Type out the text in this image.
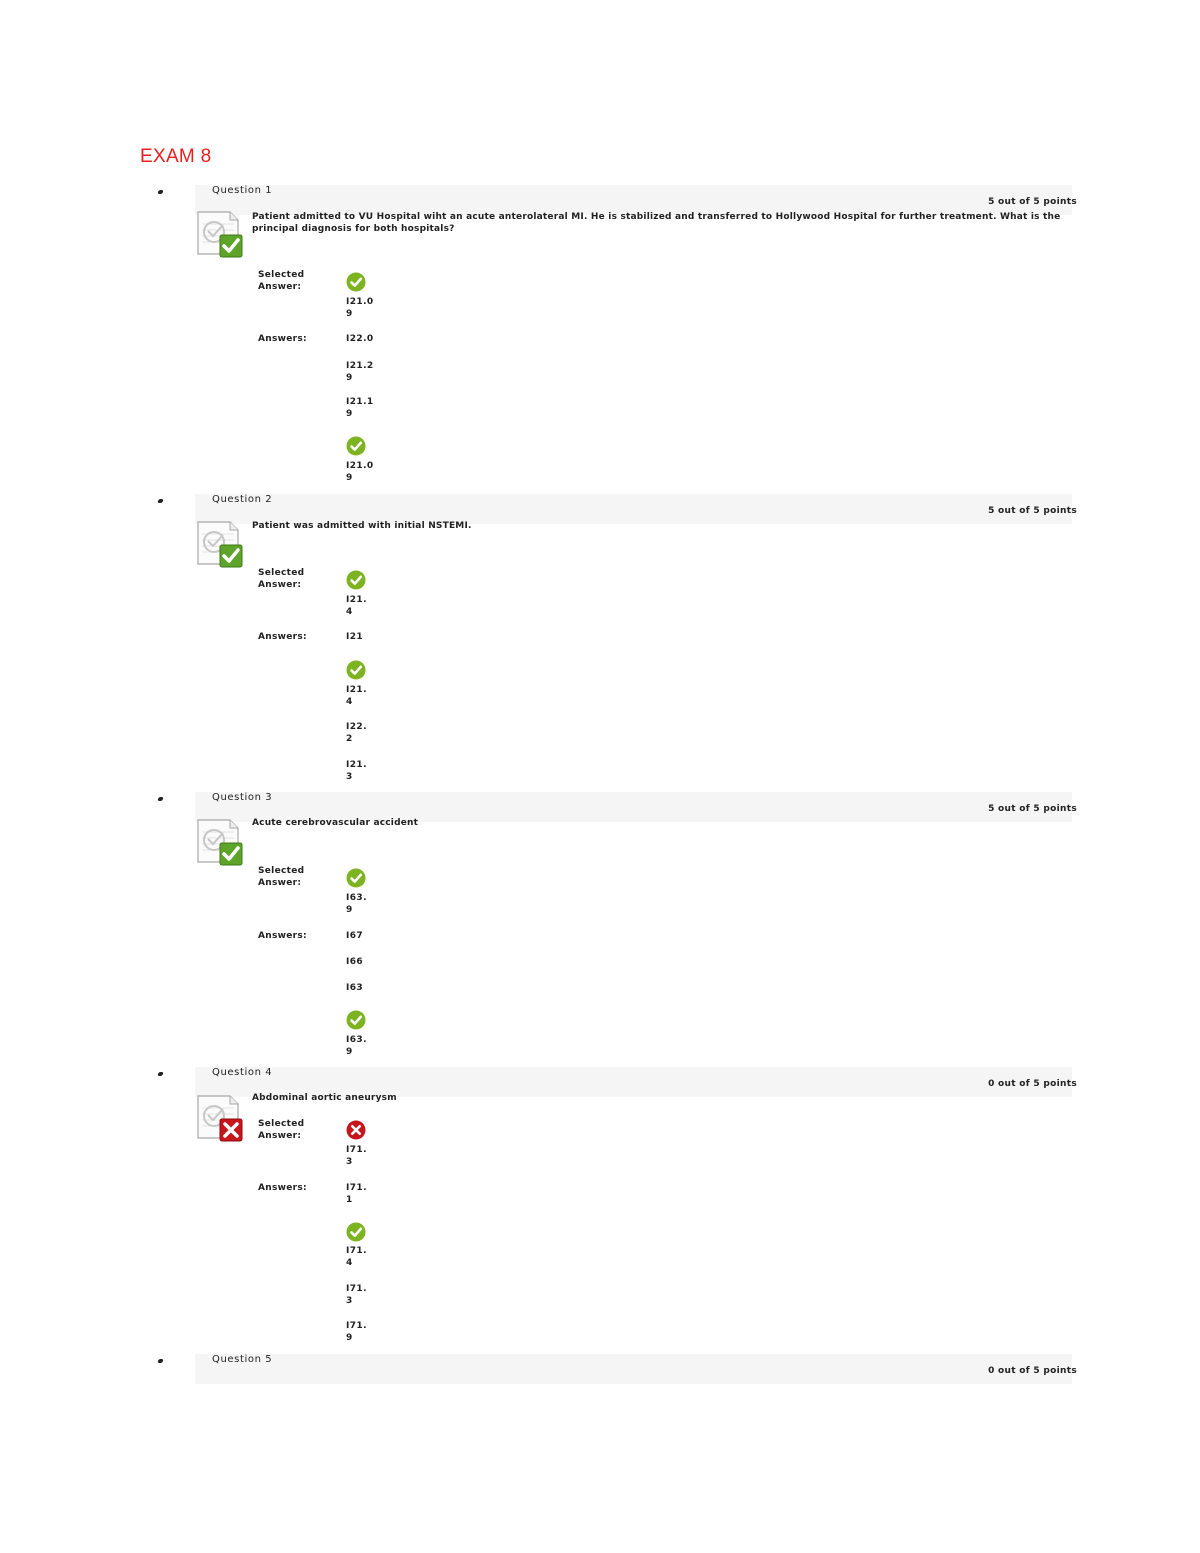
EXAM 8
Question 1
5 out of 5 points
Patient admitted to VU Hospital wiht an acute anterolateral MI. He is stabilized and transferred to Hollywood Hospital for further treatment. What is the principal diagnosis for both hospitals?
Selected Answer:
I21.09
Answers:	I22.0
I21.29
I21.19
I21.09
Question 2
5 out of 5 points
Patient was admitted with initial NSTEMI.
Selected Answer:
I21.4
Answers:	I21
I21.4
I22.2
I21.3
Question 3
5 out of 5 points
Acute cerebrovascular accident
Selected Answer:
I63.9
Answers:	I67
I66
I63
I63.9
Question 4
0 out of 5 points
Abdominal aortic aneurysm
Selected Answer:
I71.3
Answers:	I71.1
I71.4
I71.3
I71.9
Question 5
0 out of 5 points
